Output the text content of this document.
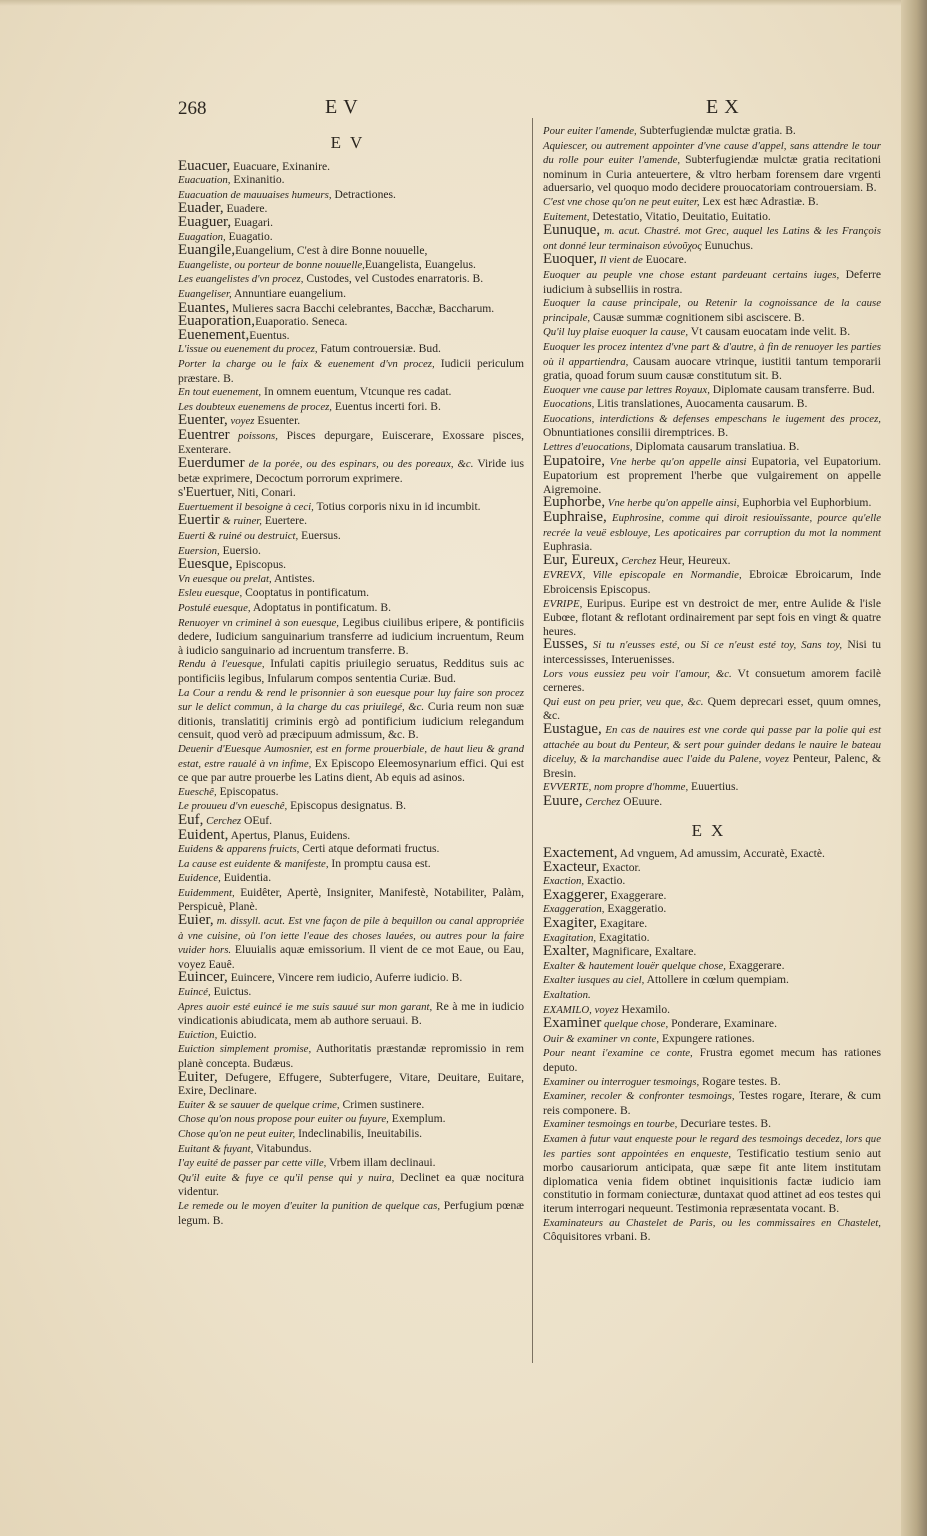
268	EV	EX
EV
Euacuer, Euacuare, Exinanire.
Euacuation, Exinanitio.
Euacuation de mauuaises humeurs, Detractiones.
Euader, Euadere.
Euaguer, Euagari.
Euagation, Euagatio.
Euangile,Euangelium, C'est à dire Bonne nouuelle,
Euangeliste, ou porteur de bonne nouuelle,Euangelista, Euangelus.
Les euangelistes d'vn procez, Custodes, vel Custodes enarratoris. B.
Euangeliser, Annuntiare euangelium.
Euantes, Mulieres sacra Bacchi celebrantes, Bacchæ, Baccharum.
Euaporation,Euaporatio. Seneca.
Euenement,Euentus.
L'issue ou euenement du procez, Fatum controuersiæ. Bud.
Porter la charge ou le faix & euenement d'vn procez, Iudicii periculum præstare. B.
En tout euenement, In omnem euentum, Vtcunque res cadat.
Les doubteux euenemens de procez, Euentus incerti fori. B.
Euenter, voyez Esuenter.
Euentrer poissons, Pisces depurgare, Euiscerare, Exossare pisces, Exenterare.
Euerdumer de la porée, ou des espinars, ou des poreaux, &c. Viride ius betæ exprimere, Decoctum porrorum exprimere.
s'Euertuer, Niti, Conari.
Euertuement il besoigne à ceci, Totius corporis nixu in id incumbit.
Euertir & ruiner, Euertere.
Euerti & ruiné ou destruict, Euersus.
Euersion, Euersio.
Euesque, Episcopus.
Vn euesque ou prelat, Antistes.
Esleu euesque, Cooptatus in pontificatum.
Postulé euesque, Adoptatus in pontificatum. B.
Renuoyer vn criminel à son euesque, Legibus ciuilibus eripere, & pontificiis dedere, Iudicium sanguinarium transferre ad iudicium incruentum, Reum à iudicio sanguinario ad incruentum transferre. B.
Rendu à l'euesque, Infulati capitis priuilegio seruatus, Redditus suis ac pontificiis legibus, Infularum compos sententia Curiæ. Bud.
La Cour a rendu & rend le prisonnier à son euesque pour luy faire son procez sur le delict commun, à la charge du cas priuilegé, &c. Curia reum non suæ ditionis, translatitij criminis ergò ad pontificium iudicium relegandum censuit, quod verò ad præcipuum admissum, &c. B.
Deuenir d'Euesque Aumosnier, est en forme prouerbiale, de haut lieu & grand estat, estre raualé à vn infime, Ex Episcopo Eleemosynarium effici. Qui est ce que par autre prouerbe les Latins dient, Ab equis ad asinos.
Eueschê, Episcopatus.
Le prouueu d'vn eueschê, Episcopus designatus. B.
Euf, Cerchez OEuf.
Euident, Apertus, Planus, Euidens.
Euidens & apparens fruicts, Certi atque deformati fructus.
La cause est euidente & manifeste, In promptu causa est.
Euidence, Euidentia.
Euidemment, Euidêter, Apertè, Insigniter, Manifestè, Notabiliter, Palàm, Perspicuè, Planè.
Euier, m. dissyll. acut. Est vne façon de pile à bequillon ou canal appropriée à vne cuisine, où l'on iette l'eaue des choses lauées, ou autres pour la faire vuider hors. Eluuialis aquæ emissorium. Il vient de ce mot Eaue, ou Eau, voyez Eauê.
Euincer, Euincere, Vincere rem iudicio, Auferre iudicio. B.
Euincé, Euictus.
Apres auoir esté euincé ie me suis sauué sur mon garant, Re à me in iudicio vindicationis abiudicata, mem ab authore seruaui. B.
Euiction, Euictio.
Euiction simplement promise, Authoritatis præstandæ repromissio in rem planè concepta. Budæus.
Euiter, Defugere, Effugere, Subterfugere, Vitare, Deuitare, Euitare, Exire, Declinare.
Euiter & se sauuer de quelque crime, Crimen sustinere.
Chose qu'on nous propose pour euiter ou fuyure, Exemplum.
Chose qu'on ne peut euiter, Indeclinabilis, Ineuitabilis.
Euitant & fuyant, Vitabundus.
I'ay euité de passer par cette ville, Vrbem illam declinaui.
Qu'il euite & fuye ce qu'il pense qui y nuira, Declinet ea quæ nocitura videntur.
Le remede ou le moyen d'euiter la punition de quelque cas, Perfugium pœnæ legum. B.
Pour euiter l'amende, Subterfugiendæ mulctæ gratia. B.
Aquiescer, ou autrement appointer d'vne cause d'appel, sans attendre le tour du rolle pour euiter l'amende, Subterfugiendæ mulctæ gratia recitationi nominum in Curia anteuertere, & vltro herbam forensem dare vrgenti aduersario, vel quoquo modo decidere prouocatoriam controuersiam. B.
C'est vne chose qu'on ne peut euiter, Lex est hæc Adrastiæ. B.
Euitement, Detestatio, Vitatio, Deuitatio, Euitatio.
Eunuque, m. acut. Chastré. mot Grec, auquel les Latins & les François ont donné leur terminaison εὐνοῦχος Eunuchus.
Euoquer, Il vient de Euocare.
Euoquer au peuple vne chose estant pardeuant certains iuges, Deferre iudicium à subselliis in rostra.
Euoquer la cause principale, ou Retenir la cognoissance de la cause principale, Causæ summæ cognitionem sibi asciscere. B.
Qu'il luy plaise euoquer la cause, Vt causam euocatam inde velit. B.
Euoquer les procez intentez d'vne part & d'autre, à fin de renuoyer les parties où il appartiendra, Causam auocare vtrinque, iustitii tantum temporarii gratia, quoad forum suum causæ constitutum sit. B.
Euoquer vne cause par lettres Royaux, Diplomate causam transferre. Bud.
Euocations, Litis translationes, Auocamenta causarum. B.
Euocations, interdictions & defenses empeschans le iugement des procez, Obnuntiationes consilii diremptrices. B.
Lettres d'euocations, Diplomata causarum translatiua. B.
Eupatoire, Vne herbe qu'on appelle ainsi Eupatoria, vel Eupatorium. Eupatorium est proprement l'herbe que vulgairement on appelle Aigremoine.
Euphorbe, Vne herbe qu'on appelle ainsi, Euphorbia vel Euphorbium.
Euphraise, Euphrosine, comme qui diroit resiouïssante, pource qu'elle recrée la veuë esblouye, Les apoticaires par corruption du mot la nomment Euphrasia.
Eur, Eureux, Cerchez Heur, Heureux.
EVREVX, Ville episcopale en Normandie, Ebroicæ Ebroicarum, Inde Ebroicensis Episcopus.
EVRIPE, Euripus. Euripe est vn destroict de mer, entre Aulide & l'isle Eubœe, flotant & reflotant ordinairement par sept fois en vingt & quatre heures.
Eusses, Si tu n'eusses esté, ou Si ce n'eust esté toy, Sans toy, Nisi tu intercessisses, Interuenisses.
Lors vous eussiez peu voir l'amour, &c. Vt consuetum amorem facilè cerneres.
Qui eust on peu prier, veu que, &c. Quem deprecari esset, quum omnes, &c.
Eustague, En cas de nauires est vne corde qui passe par la polie qui est attachée au bout du Penteur, & sert pour guinder dedans le nauire le bateau diceluy, & la marchandise auec l'aide du Palene, voyez Penteur, Palenc, & Bresin.
EVVERTE, nom propre d'homme, Euuertius.
Euure, Cerchez OEuure.
EX
Exactement, Ad vnguem, Ad amussim, Accuratè, Exactè.
Exacteur, Exactor.
Exaction, Exactio.
Exaggerer, Exaggerare.
Exaggeration, Exaggeratio.
Exagiter, Exagitare.
Exagitation, Exagitatio.
Exalter, Magnificare, Exaltare.
Exalter & hautement louër quelque chose, Exaggerare.
Exalter iusques au ciel, Attollere in cœlum quempiam.
Exaltation.
EXAMILO, voyez Hexamilo.
Examiner quelque chose, Ponderare, Examinare.
Ouir & examiner vn conte, Expungere rationes.
Pour neant i'examine ce conte, Frustra egomet mecum has rationes deputo.
Examiner ou interroguer tesmoings, Rogare testes. B.
Examiner, recoler & confronter tesmoings, Testes rogare, Iterare, & cum reis componere. B.
Examiner tesmoings en tourbe, Decuriare testes. B.
Examen à futur vaut enqueste pour le regard des tesmoings decedez, lors que les parties sont appointées en enqueste, Testificatio testium senio aut morbo causariorum anticipata, quæ sæpe fit ante litem institutam diplomatica venia fidem obtinet inquisitionis factæ iudicio iam constitutio in formam coniecturæ, duntaxat quod attinet ad eos testes qui iterum interrogari nequeunt. Testimonia repræsentata vocant. B.
Examinateurs au Chastelet de Paris, ou les commissaires en Chastelet, Côquisitores vrbani. B.
